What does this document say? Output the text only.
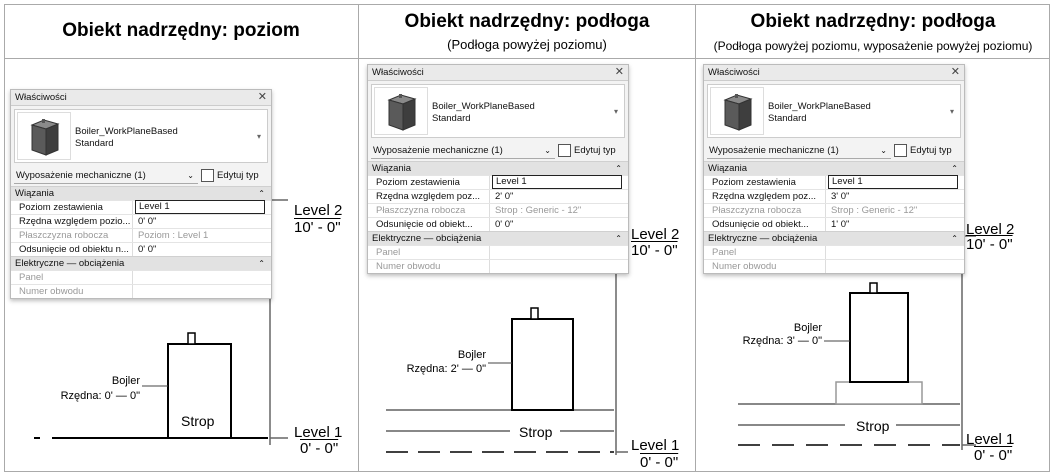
Obiekt nadrzędny: poziom	Obiekt nadrzędny: podłoga
(Podłoga powyżej poziomu)
Obiekt nadrzędny: podłoga
(Podłoga powyżej poziomu, wyposażenie powyżej poziomu)
Level 2
10' - 0"
Level 1
0' - 0"
Strop
Bojler
Rzędna: 0' — 0"
Level 2
10' - 0"
Level 1
0' - 0"
Strop
Bojler
Rzędna: 2' — 0"
Level 2
10' - 0"
Level 1
0' - 0"
Strop
Bojler
Rzędna: 3' — 0"
Właściwości	✕
Boiler_WorkPlaneBased
Standard
▾
Wyposażenie mechaniczne (1)	⌄	Edytuj typ
Wiązania	⌃
Poziom zestawienia	Level 1
Rzędna względem pozio... 0' 0"
Płaszczyzna robocza	Poziom : Level 1
Odsunięcie od obiektu n... 0' 0"
Elektryczne — obciążenia	⌃
Panel
Numer obwodu
Właściwości	✕
Boiler_WorkPlaneBased
Standard
▾
Wyposażenie mechaniczne (1)	⌄	Edytuj typ
Wiązania	⌃
Poziom zestawienia	Level 1
Rzędna względem poz...	2' 0"
Płaszczyzna robocza	Strop : Generic - 12"
Odsunięcie od obiekt...	0' 0"
Elektryczne — obciążenia	⌃
Panel
Numer obwodu
Właściwości	✕
Boiler_WorkPlaneBased
Standard
▾
Wyposażenie mechaniczne (1)	⌄	Edytuj typ
Wiązania	⌃
Poziom zestawienia	Level 1
Rzędna względem poz...	3' 0"
Płaszczyzna robocza	Strop : Generic - 12"
Odsunięcie od obiekt...	1' 0"
Elektryczne — obciążenia	⌃
Panel
Numer obwodu
